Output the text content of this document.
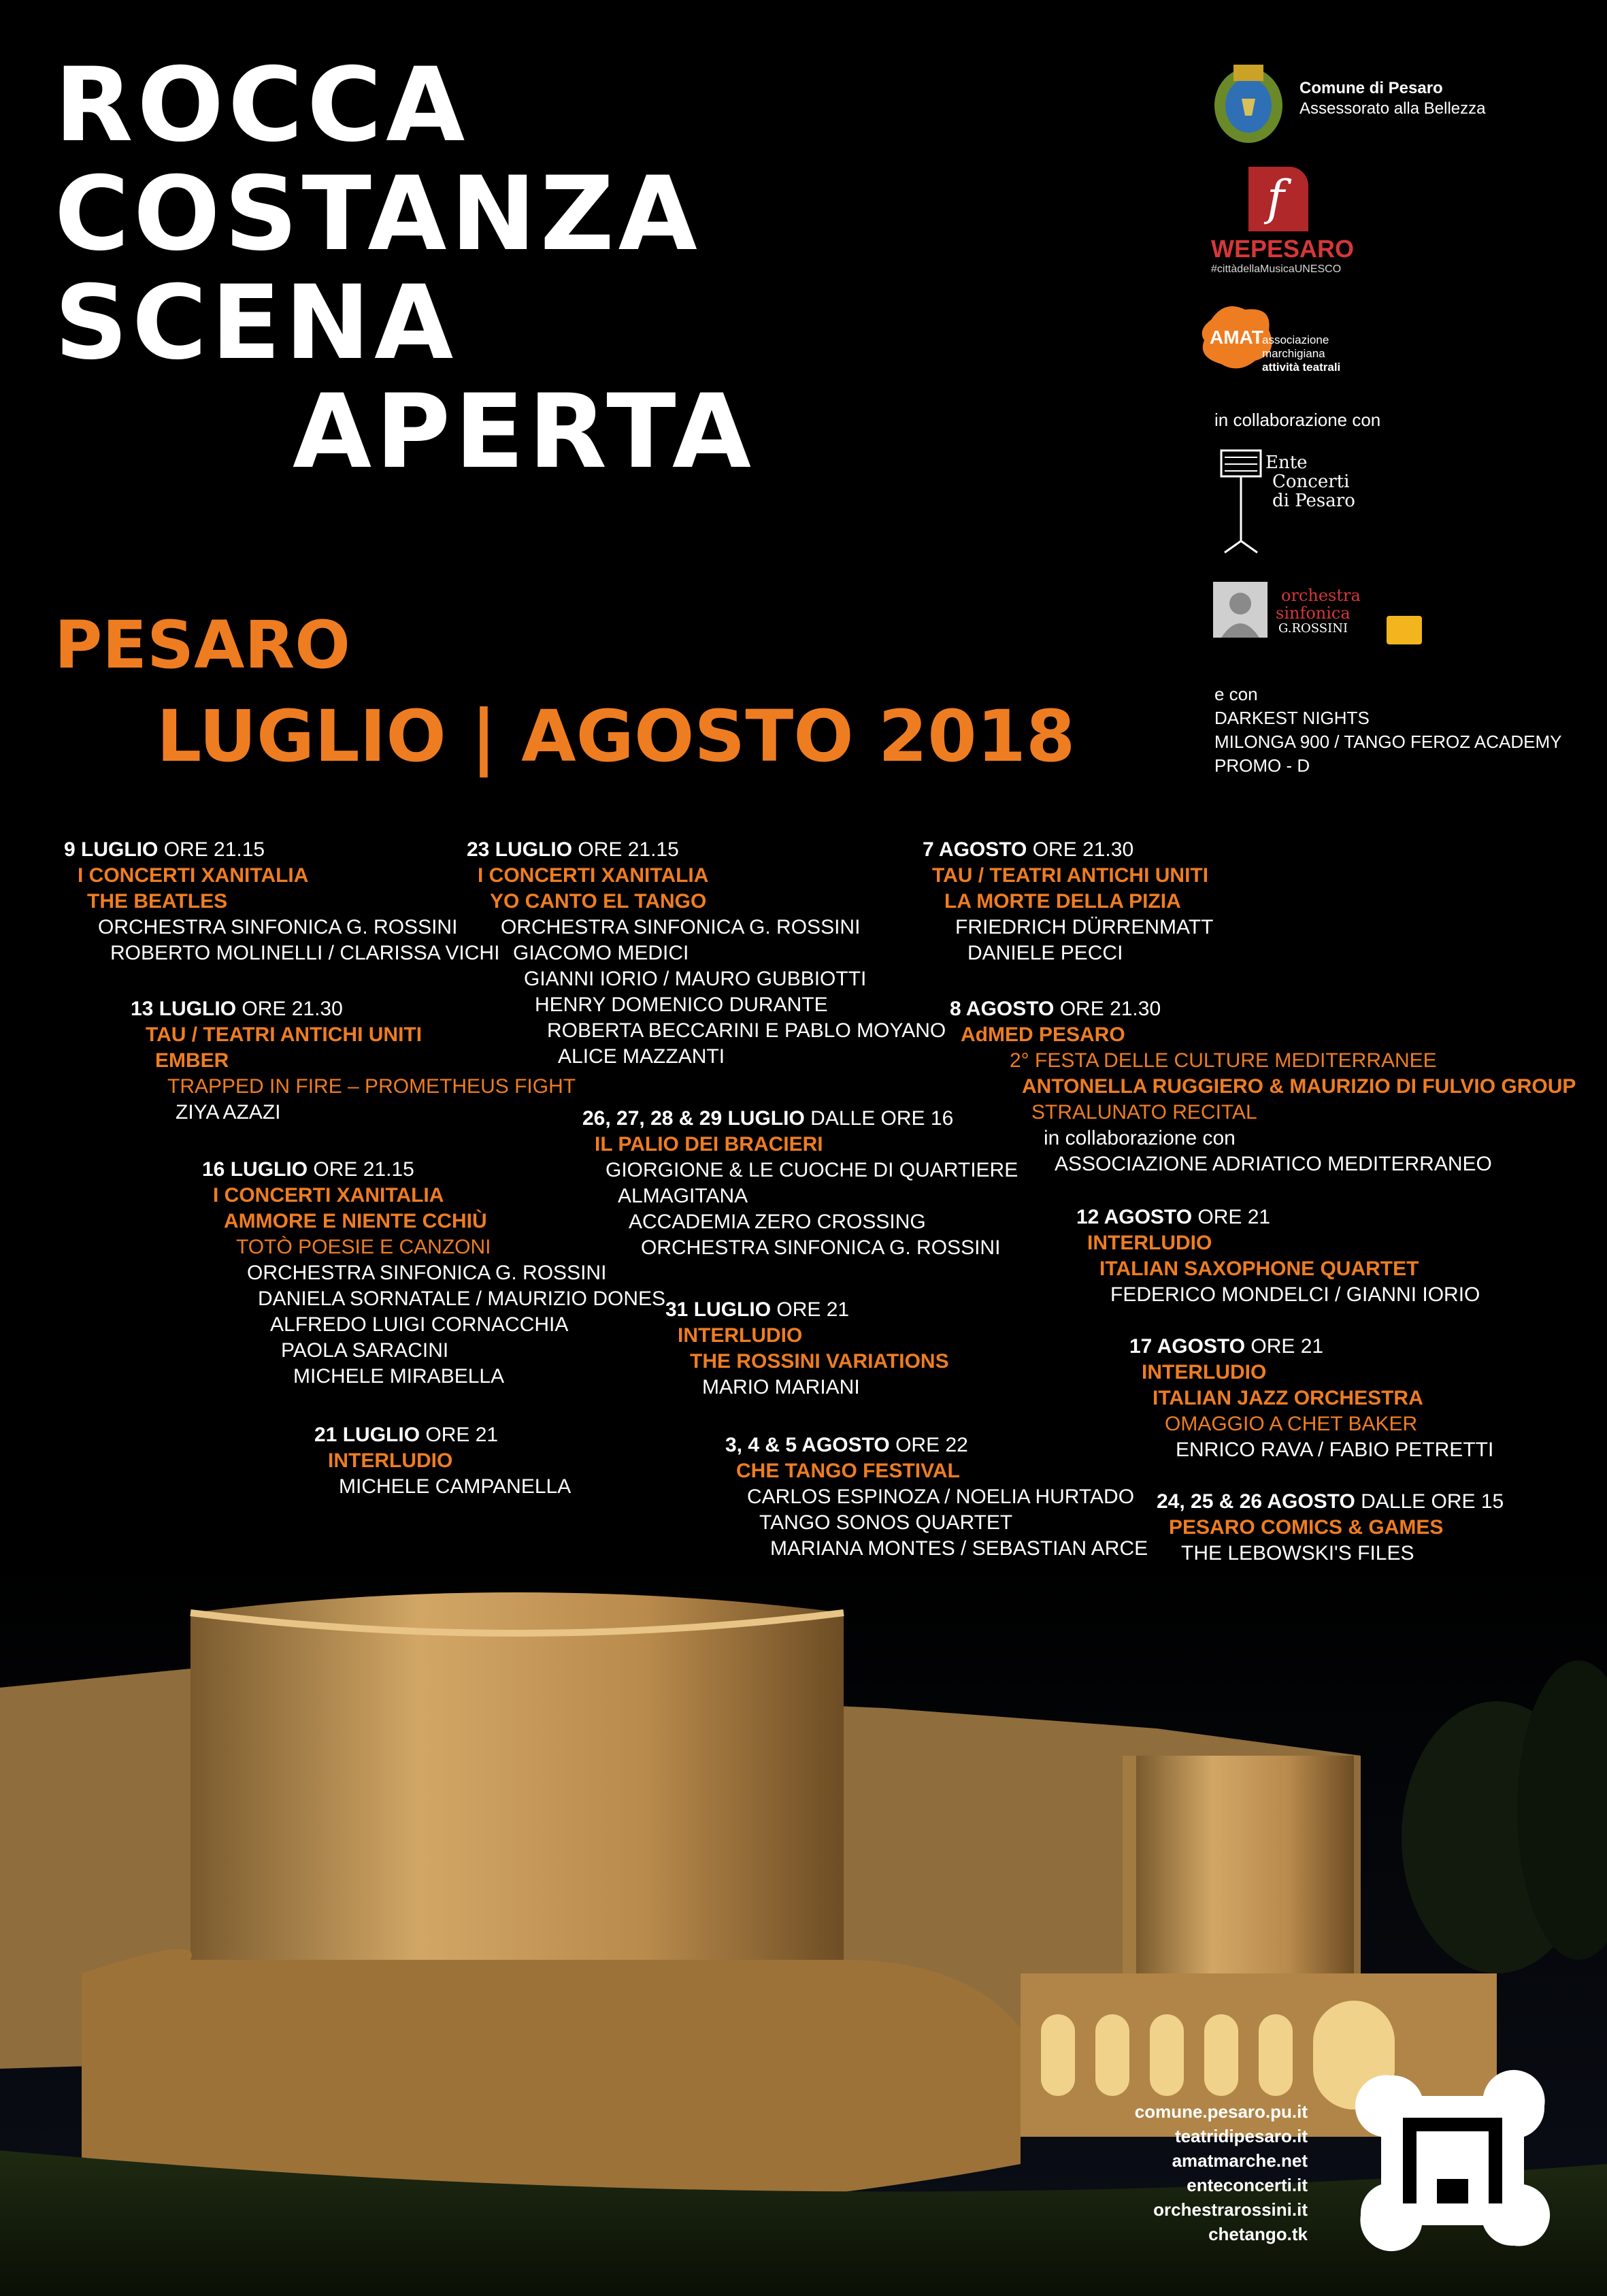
ROCCA
COSTANZA
SCENA
APERTA
PESARO
LUGLIO | AGOSTO 2018
Comune di Pesaro
Assessorato alla Bellezza
f
WEPESARO
#cittàdellaMusicaUNESCO
AMAT
associazione
marchigiana
attività teatrali
in collaborazione con
Ente
Concerti
di Pesaro
orchestra
sinfonica
G.ROSSINI
e con
DARKEST NIGHTS
MILONGA 900 / TANGO FEROZ ACADEMY
PROMO - D
9 LUGLIO ORE 21.15
I CONCERTI XANITALIA
THE BEATLES
ORCHESTRA SINFONICA G. ROSSINI
ROBERTO MOLINELLI / CLARISSA VICHI
13 LUGLIO ORE 21.30
TAU / TEATRI ANTICHI UNITI
EMBER
TRAPPED IN FIRE – PROMETHEUS FIGHT
ZIYA AZAZI
16 LUGLIO ORE 21.15
I CONCERTI XANITALIA
AMMORE E NIENTE CCHIÙ
TOTÒ POESIE E CANZONI
ORCHESTRA SINFONICA G. ROSSINI
DANIELA SORNATALE / MAURIZIO DONES
ALFREDO LUIGI CORNACCHIA
PAOLA SARACINI
MICHELE MIRABELLA
21 LUGLIO ORE 21
INTERLUDIO
MICHELE CAMPANELLA
23 LUGLIO ORE 21.15
I CONCERTI XANITALIA
YO CANTO EL TANGO
ORCHESTRA SINFONICA G. ROSSINI
GIACOMO MEDICI
GIANNI IORIO / MAURO GUBBIOTTI
HENRY DOMENICO DURANTE
ROBERTA BECCARINI E PABLO MOYANO
ALICE MAZZANTI
26, 27, 28 & 29 LUGLIO DALLE ORE 16
IL PALIO DEI BRACIERI
GIORGIONE & LE CUOCHE DI QUARTIERE
ALMAGITANA
ACCADEMIA ZERO CROSSING
ORCHESTRA SINFONICA G. ROSSINI
31 LUGLIO ORE 21
INTERLUDIO
THE ROSSINI VARIATIONS
MARIO MARIANI
3, 4 & 5 AGOSTO ORE 22
CHE TANGO FESTIVAL
CARLOS ESPINOZA / NOELIA HURTADO
TANGO SONOS QUARTET
MARIANA MONTES / SEBASTIAN ARCE
7 AGOSTO ORE 21.30
TAU / TEATRI ANTICHI UNITI
LA MORTE DELLA PIZIA
FRIEDRICH DÜRRENMATT
DANIELE PECCI
8 AGOSTO ORE 21.30
AdMED PESARO
2° FESTA DELLE CULTURE MEDITERRANEE
ANTONELLA RUGGIERO & MAURIZIO DI FULVIO GROUP
STRALUNATO RECITAL
in collaborazione con
ASSOCIAZIONE ADRIATICO MEDITERRANEO
12 AGOSTO ORE 21
INTERLUDIO
ITALIAN SAXOPHONE QUARTET
FEDERICO MONDELCI / GIANNI IORIO
17 AGOSTO ORE 21
INTERLUDIO
ITALIAN JAZZ ORCHESTRA
OMAGGIO A CHET BAKER
ENRICO RAVA / FABIO PETRETTI
24, 25 & 26 AGOSTO DALLE ORE 15
PESARO COMICS & GAMES
THE LEBOWSKI'S FILES
comune.pesaro.pu.it
teatridipesaro.it
amatmarche.net
enteconcerti.it
orchestrarossini.it
chetango.tk
